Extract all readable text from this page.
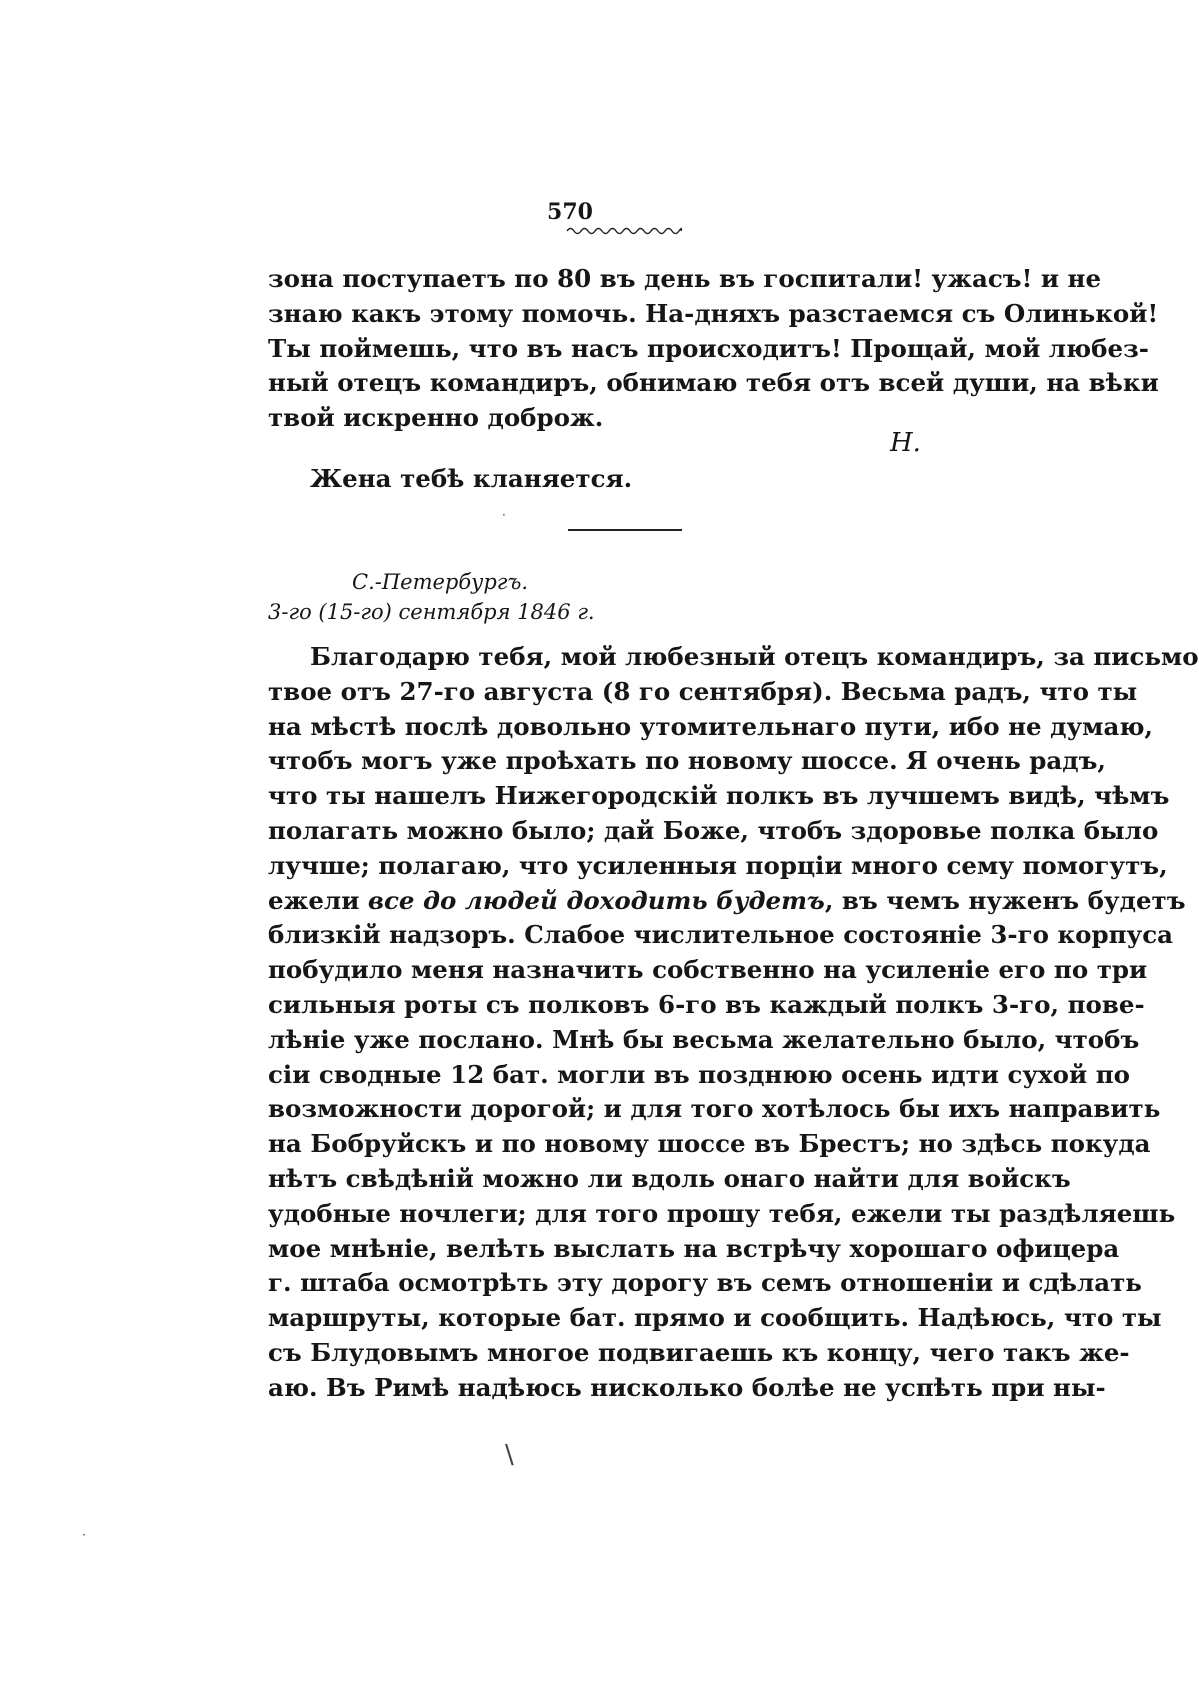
570
зона поступаетъ по 80 въ день въ госпитали! ужасъ! и не
знаю какъ этому помочь. На-дняхъ разстаемся съ Олинькой!
Ты поймешь, что въ насъ происходитъ! Прощай, мой любез-
ный отецъ командиръ, обнимаю тебя отъ всей души, на вѣки
твой искренно доброж.
Н.
Жена тебѣ кланяется.
С.-Петербургъ.
3-го (15-го) сентября 1846 г.
Благодарю тебя, мой любезный отецъ командиръ, за письмо
твое отъ 27-го августа (8 го сентября). Весьма радъ, что ты
на мѣстѣ послѣ довольно утомительнаго пути, ибо не думаю,
чтобъ могъ уже проѣхать по новому шоссе. Я очень радъ,
что ты нашелъ Нижегородскій полкъ въ лучшемъ видѣ, чѣмъ
полагать можно было; дай Боже, чтобъ здоровье полка было
лучше; полагаю, что усиленныя порціи много сему помогутъ,
ежели все до людей доходить будетъ, въ чемъ нуженъ будетъ
близкій надзоръ. Слабое числительное состояніе 3-го корпуса
побудило меня назначить собственно на усиленіе его по три
сильныя роты съ полковъ 6-го въ каждый полкъ 3-го, пове-
лѣніе уже послано. Мнѣ бы весьма желательно было, чтобъ
сіи сводные 12 бат. могли въ позднюю осень идти сухой по
возможности дорогой; и для того хотѣлось бы ихъ направить
на Бобруйскъ и по новому шоссе въ Брестъ; но здѣсь покуда
нѣтъ свѣдѣній можно ли вдоль онаго найти для войскъ
удобные ночлеги; для того прошу тебя, ежели ты раздѣляешь
мое мнѣніе, велѣть выслать на встрѣчу хорошаго офицера
г. штаба осмотрѣть эту дорогу въ семъ отношеніи и сдѣлать
маршруты, которые бат. прямо и сообщить. Надѣюсь, что ты
съ Блудовымъ многое подвигаешь къ концу, чего такъ же-
аю. Въ Римѣ надѣюсь нисколько болѣе не успѣть при ны-
·
\
·
